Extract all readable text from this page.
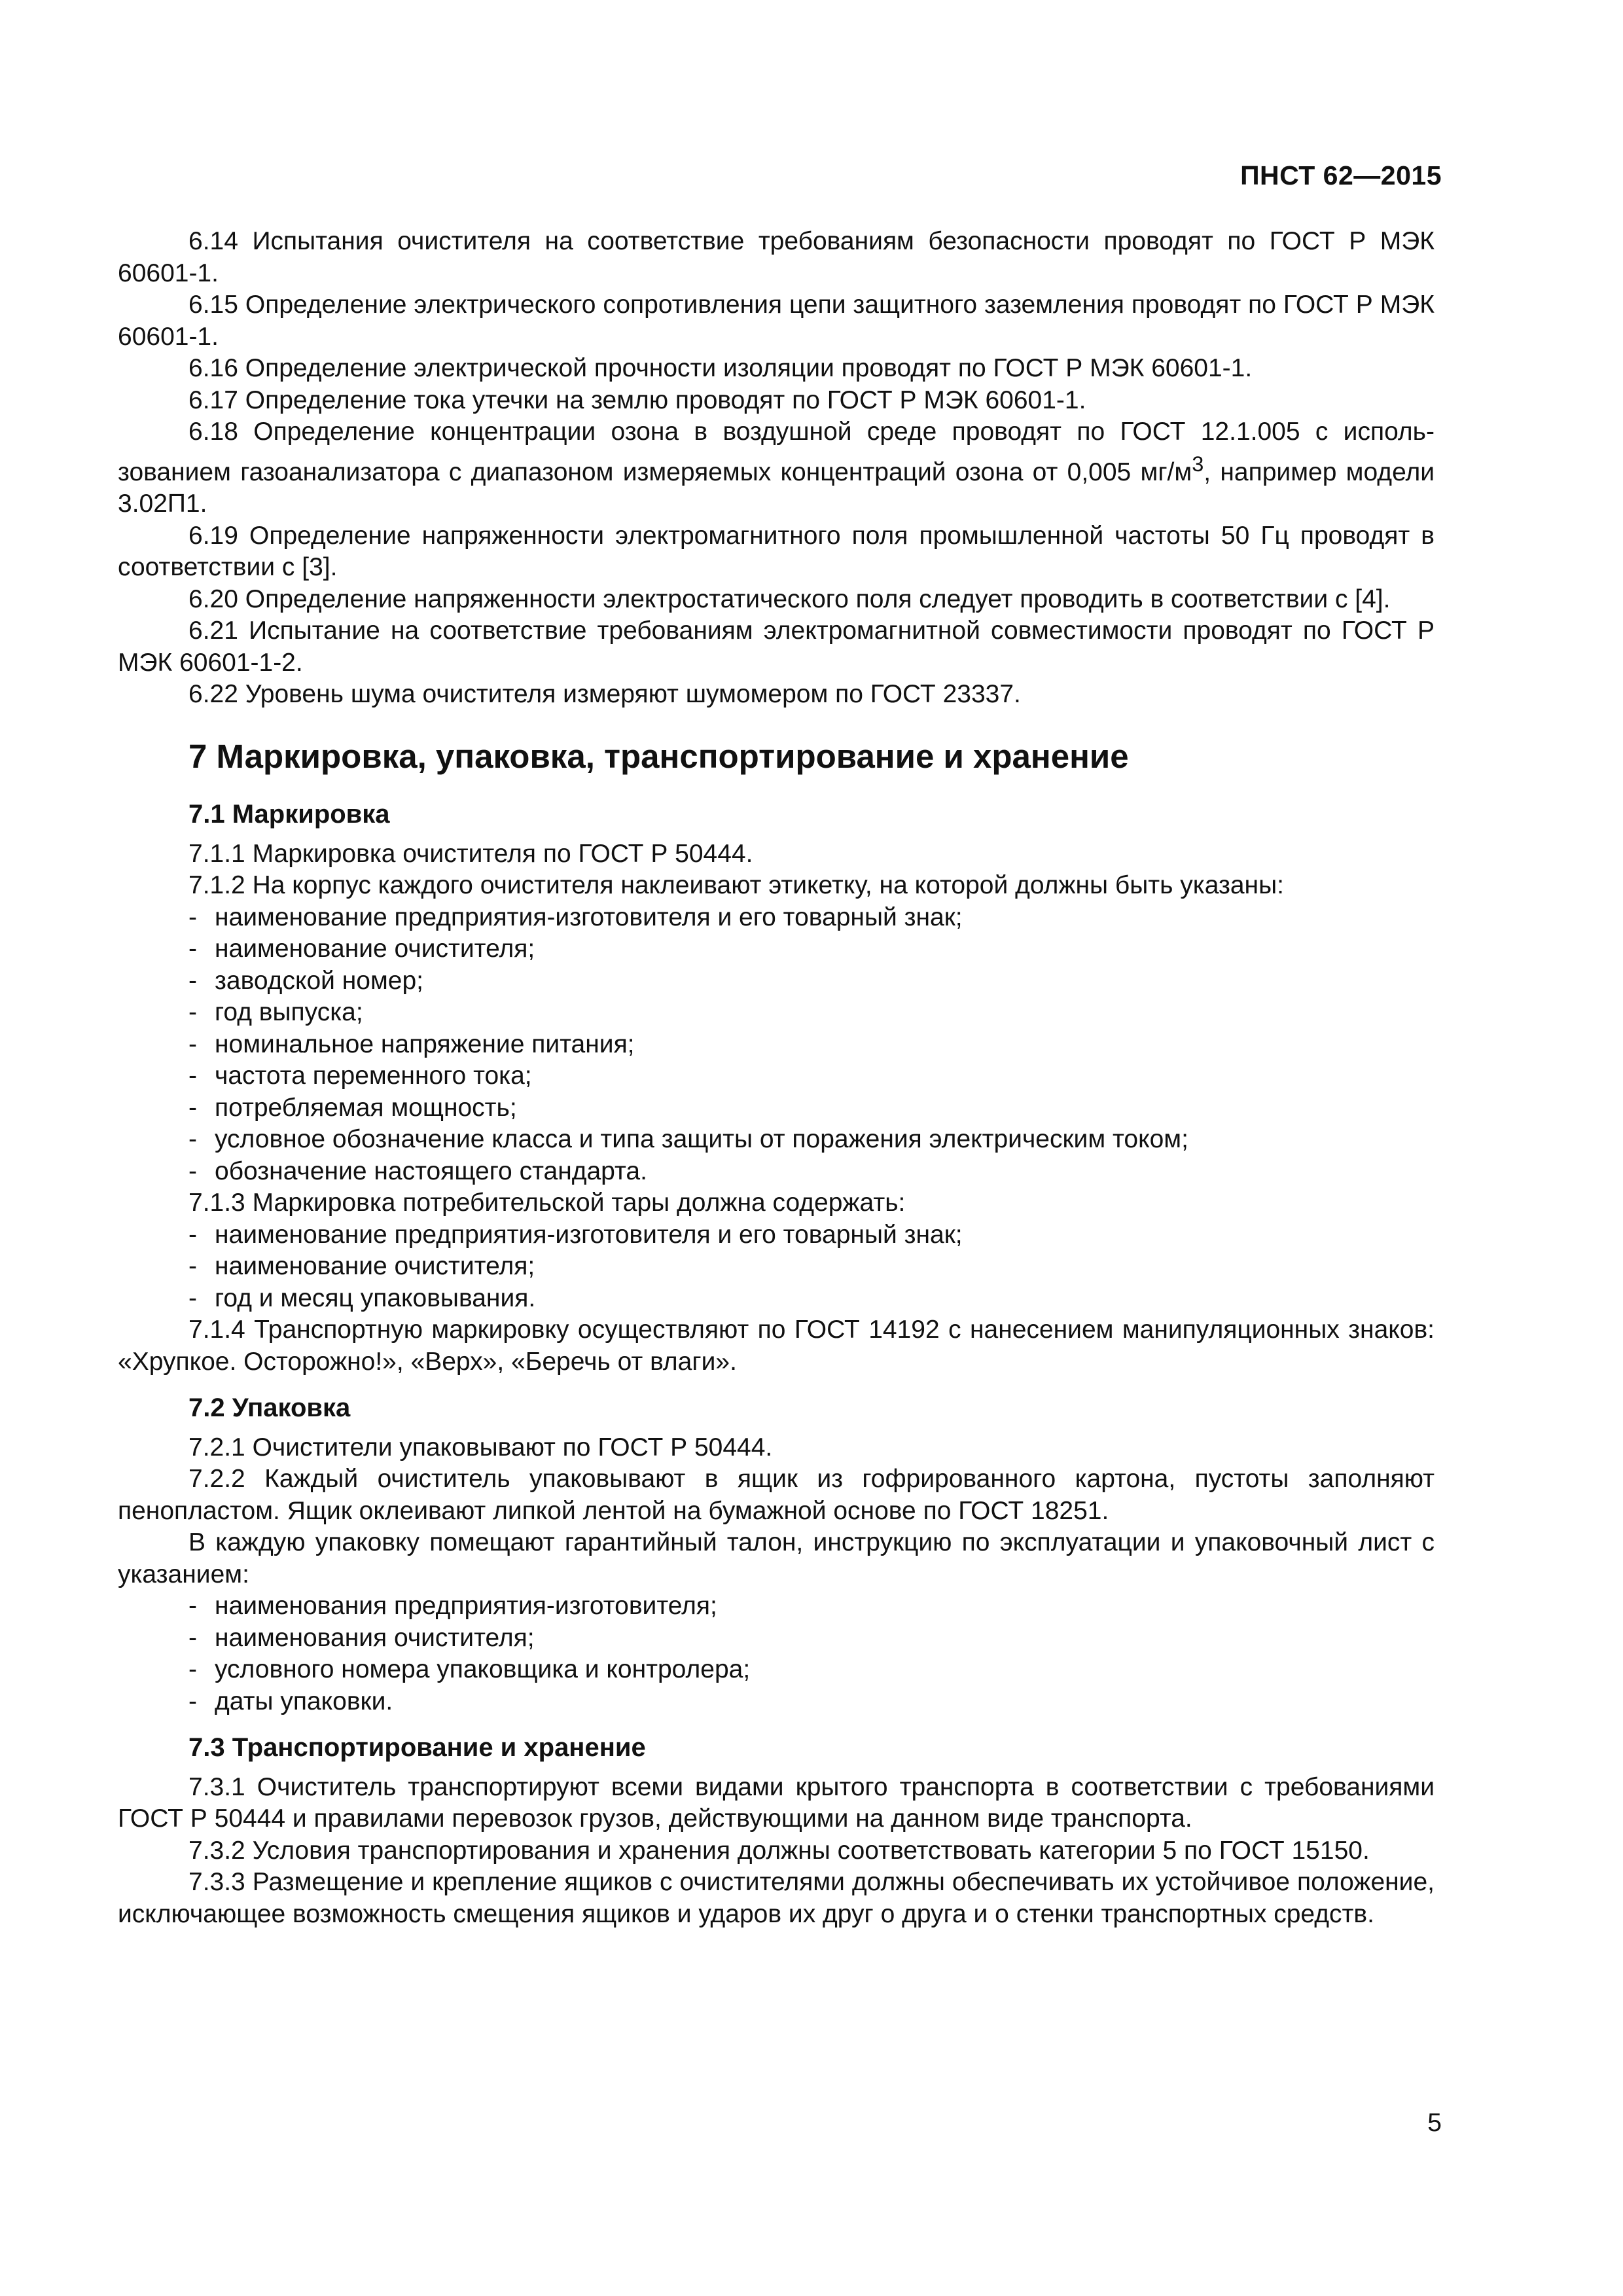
ПНСТ 62—2015

6.14 Испытания очистителя на соответствие требованиям безопасности проводят по ГОСТ Р МЭК 60601-1.

6.15 Определение электрического сопротивления цепи защитного заземления проводят по ГОСТ Р МЭК 60601-1.

6.16 Определение электрической прочности изоляции проводят по ГОСТ Р МЭК 60601-1.

6.17 Определение тока утечки на землю проводят по ГОСТ Р МЭК 60601-1.

6.18 Определение концентрации озона в воздушной среде проводят по ГОСТ 12.1.005 с использованием газоанализатора с диапазоном измеряемых концентраций озона от 0,005 $мг/м^3$, например модели 3.02П1.

6.19 Определение напряженности электромагнитного поля промышленной частоты 50 Гц проводят в соответствии с [3].

6.20 Определение напряженности электростатического поля следует проводить в соответствии с [4].

6.21 Испытание на соответствие требованиям электромагнитной совместимости проводят по ГОСТ Р МЭК 60601-1-2.

6.22 Уровень шума очистителя измеряют шумомером по ГОСТ 23337.

7 Маркировка, упаковка, транспортирование и хранение
7.1 Маркировка

7.1.1 Маркировка очистителя по ГОСТ Р 50444.

7.1.2 На корпус каждого очистителя наклеивают этикетку, на которой должны быть указаны:

- наименование предприятия-изготовителя и его товарный знак;

- наименование очистителя;

- заводской номер;

- год выпуска;

- номинальное напряжение питания;

- частота переменного тока;

- потребляемая мощность;

- условное обозначение класса и типа защиты от поражения электрическим током;

- обозначение настоящего стандарта.

7.1.3 Маркировка потребительской тары должна содержать:

- наименование предприятия-изготовителя и его товарный знак;

- наименование очистителя;

- год и месяц упаковывания.

7.1.4 Транспортную маркировку осуществляют по ГОСТ 14192 с нанесением манипуляционных знаков: «Хрупкое. Осторожно!», «Верх», «Беречь от влаги».

7.2 Упаковка

7.2.1 Очистители упаковывают по ГОСТ Р 50444.

7.2.2 Каждый очиститель упаковывают в ящик из гофрированного картона, пустоты заполняют пенопластом. Ящик оклеивают липкой лентой на бумажной основе по ГОСТ 18251.

В каждую упаковку помещают гарантийный талон, инструкцию по эксплуатации и упаковочный лист с указанием:

- наименования предприятия-изготовителя;

- наименования очистителя;

- условного номера упаковщика и контролера;

- даты упаковки.

7.3 Транспортирование и хранение

7.3.1 Очиститель транспортируют всеми видами крытого транспорта в соответствии с требованиями ГОСТ Р 50444 и правилами перевозок грузов, действующими на данном виде транспорта.

7.3.2 Условия транспортирования и хранения должны соответствовать категории 5 по ГОСТ 15150.

7.3.3 Размещение и крепление ящиков с очистителями должны обеспечивать их устойчивое положение, исключающее возможность смещения ящиков и ударов их друг о друга и о стенки транспортных средств.

5
